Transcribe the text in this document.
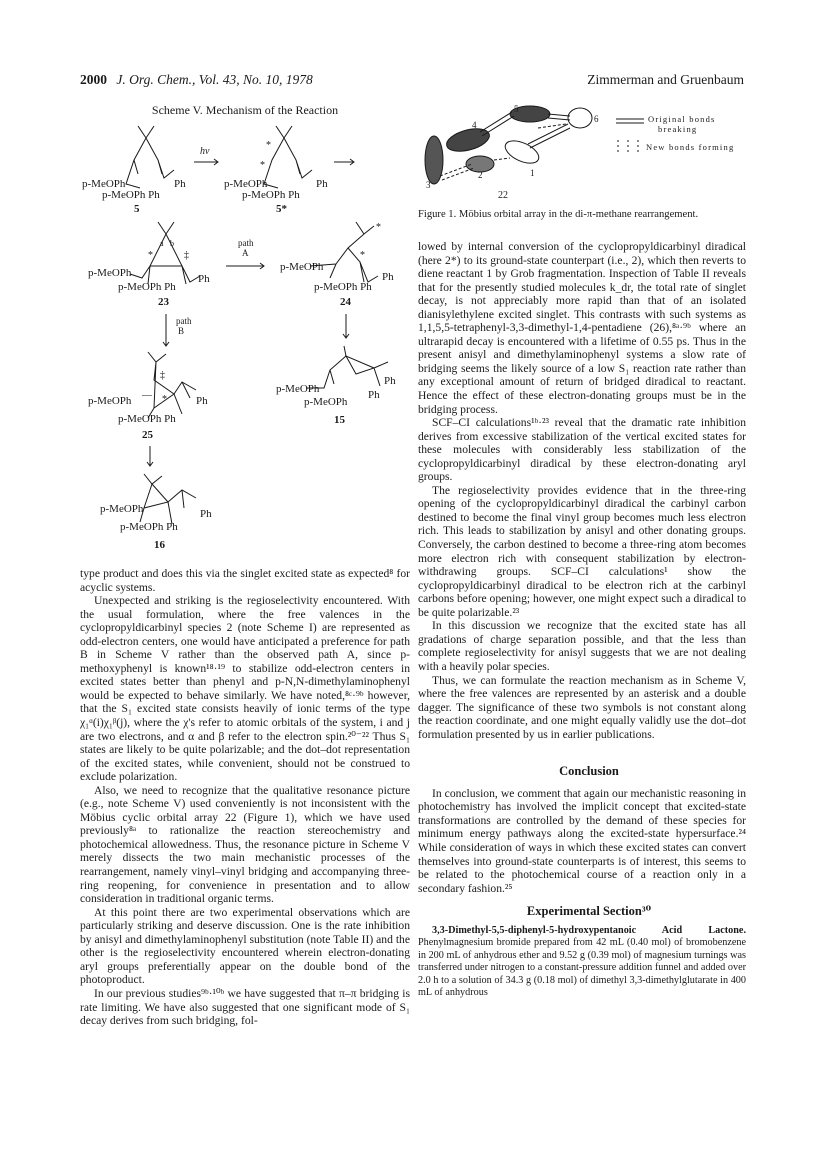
2000 J. Org. Chem., Vol. 43, No. 10, 1978	Zimmerman and Gruenbaum
Scheme V. Mechanism of the Reaction
p-MeOPh
p-MeOPh Ph
Ph
5
hν
*
*
p-MeOPh
p-MeOPh Ph
Ph
5*
a b
*	‡
p-MeOPh
p-MeOPh Ph
Ph
23
path A
*
*
p-MeOPh
p-MeOPh Ph
Ph
24
path B
‡
*
—
p-MeOPh
p-MeOPh Ph
Ph
25
p-MeOPh
p-MeOPh
Ph
Ph
15
p-MeOPh
p-MeOPh Ph
Ph
16
3
4
5
6
1
2
22
Original bonds breaking
New bonds forming
Figure 1. Möbius orbital array in the di-π-methane rearrangement.

type product and does this via the singlet excited state as expected⁸ for acyclic systems.

Unexpected and striking is the regioselectivity encountered. With the usual formulation, where the free valences in the cyclopropyldicarbinyl species 2 (note Scheme I) are represented as odd-electron centers, one would have anticipated a preference for path B in Scheme V rather than the observed path A, since p-methoxyphenyl is known¹⁸·¹⁹ to stabilize odd-electron centers in excited states better than phenyl and p-N,N-dimethylaminophenyl would be expected to behave similarly. We have noted,⁸ᶜ·⁹ᵇ however, that the S₁ excited state consists heavily of ionic terms of the type χ₁ᵅ(i)χ₁ᵝ(j), where the χ's refer to atomic orbitals of the system, i and j are two electrons, and α and β refer to the electron spin.²⁰⁻²² Thus S₁ states are likely to be quite polarizable; and the dot–dot representation of the excited states, while convenient, should not be construed to exclude polarization.

Also, we need to recognize that the qualitative resonance picture (e.g., note Scheme V) used conveniently is not inconsistent with the Möbius cyclic orbital array 22 (Figure 1), which we have used previously⁸ᵃ to rationalize the reaction stereochemistry and photochemical allowedness. Thus, the resonance picture in Scheme V merely dissects the two main mechanistic processes of the rearrangement, namely vinyl–vinyl bridging and accompanying three-ring reopening, for convenience in presentation and to allow consideration in traditional organic terms.

At this point there are two experimental observations which are particularly striking and deserve discussion. One is the rate inhibition by anisyl and dimethylaminophenyl substitution (note Table II) and the other is the regioselectivity encountered wherein electron-donating aryl groups preferentially appear on the double bond of the photoproduct.

In our previous studies⁹ᵇ·¹⁰ᵇ we have suggested that π–π bridging is rate limiting. We have also suggested that one significant mode of S₁ decay derives from such bridging, fol-

lowed by internal conversion of the cyclopropyldicarbinyl diradical (here 2*) to its ground-state counterpart (i.e., 2), which then reverts to diene reactant 1 by Grob fragmentation. Inspection of Table II reveals that for the presently studied molecules k_dr, the total rate of singlet decay, is not appreciably more rapid than that of an isolated dianisylethylene excited singlet. This contrasts with such systems as 1,1,5,5-tetraphenyl-3,3-dimethyl-1,4-pentadiene (26),⁸ᵃ·⁹ᵇ where an ultrarapid decay is encountered with a lifetime of 0.55 ps. Thus in the present anisyl and dimethylaminophenyl systems a slow rate of bridging seems the likely source of a low S₁ reaction rate rather than any exceptional amount of return of bridged diradical to reactant. Hence the effect of these electron-donating groups must be in the bridging process.

SCF–CI calculations¹ᵇ·²³ reveal that the dramatic rate inhibition derives from excessive stabilization of the vertical excited states for these molecules with considerably less stabilization of the cyclopropyldicarbinyl diradical by these electron-donating aryl groups.

The regioselectivity provides evidence that in the three-ring opening of the cyclopropyldicarbinyl diradical the carbinyl carbon destined to become the final vinyl group becomes much less electron rich. This leads to stabilization by anisyl and other donating groups. Conversely, the carbon destined to become a three-ring atom becomes more electron rich with consequent stabilization by electron-withdrawing groups. SCF–CI calculations¹ show the cyclopropyldicarbinyl diradical to be electron rich at the carbinyl carbons before opening; however, one might expect such a diradical to be quite polarizable.²³

In this discussion we recognize that the excited state has all gradations of charge separation possible, and that the less than complete regioselectivity for anisyl suggests that we are not dealing with a heavily polar species.

Thus, we can formulate the reaction mechanism as in Scheme V, where the free valences are represented by an asterisk and a double dagger. The significance of these two symbols is not constant along the reaction coordinate, and one might equally validly use the dot–dot formulation presented by us in earlier publications.

Conclusion

In conclusion, we comment that again our mechanistic reasoning in photochemistry has involved the implicit concept that excited-state transformations are controlled by the demand of these species for minimum energy pathways along the excited-state hypersurface.²⁴ While consideration of ways in which these excited states can convert themselves into ground-state counterparts is of interest, this seems to be related to the photochemical course of a reaction only in a secondary fashion.²⁵

Experimental Section³⁰

3,3-Dimethyl-5,5-diphenyl-5-hydroxypentanoic Acid Lactone. Phenylmagnesium bromide prepared from 42 mL (0.40 mol) of bromobenzene in 200 mL of anhydrous ether and 9.52 g (0.39 mol) of magnesium turnings was transferred under nitrogen to a constant-pressure addition funnel and added over 2.0 h to a solution of 34.3 g (0.18 mol) of dimethyl 3,3-dimethylglutarate in 400 mL of anhydrous
